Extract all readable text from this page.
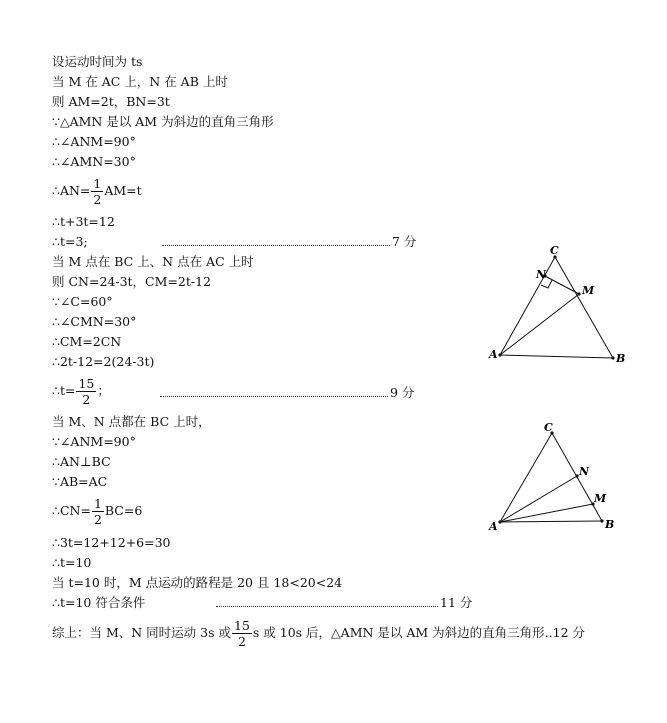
设运动时间为 ts
当 M 在 AC 上，N 在 AB 上时
则 AM=2t，BN=3t
∵△AMN 是以 AM 为斜边的直角三角形
∴∠ANM=90°
∴∠AMN=30°
∴AN= $\frac{1}{2} AM=t$
∴t+3t=12
∴t=3;	7 分
当 M 点在 BC 上、N 点在 AC 上时
则 CN=24-3t，CM=2t-12
∵∠C=60°
∴∠CMN=30°
∴CM=2CN
∴2t-12=2(24-3t)
∴t= $\frac{15}{2}$ ；	9 分
当 M、N 点都在 BC 上时，
∵∠ANM=90°
∴AN⊥BC
∵AB=AC
∴CN= $\frac{1}{2} BC=6$
∴3t=12+12+6=30
∴t=10
当 t=10 时，M 点运动的路程是 20 且 18<20<24
∴t=10 符合条件	11 分
综上：当 M、N 同时运动 3s 或 $\frac{15}{2}$ s 或 10s 后，△AMN 是以 AM 为斜边的直角三角形..12 分
A	B
C
M
N
A	B
C
M
N
